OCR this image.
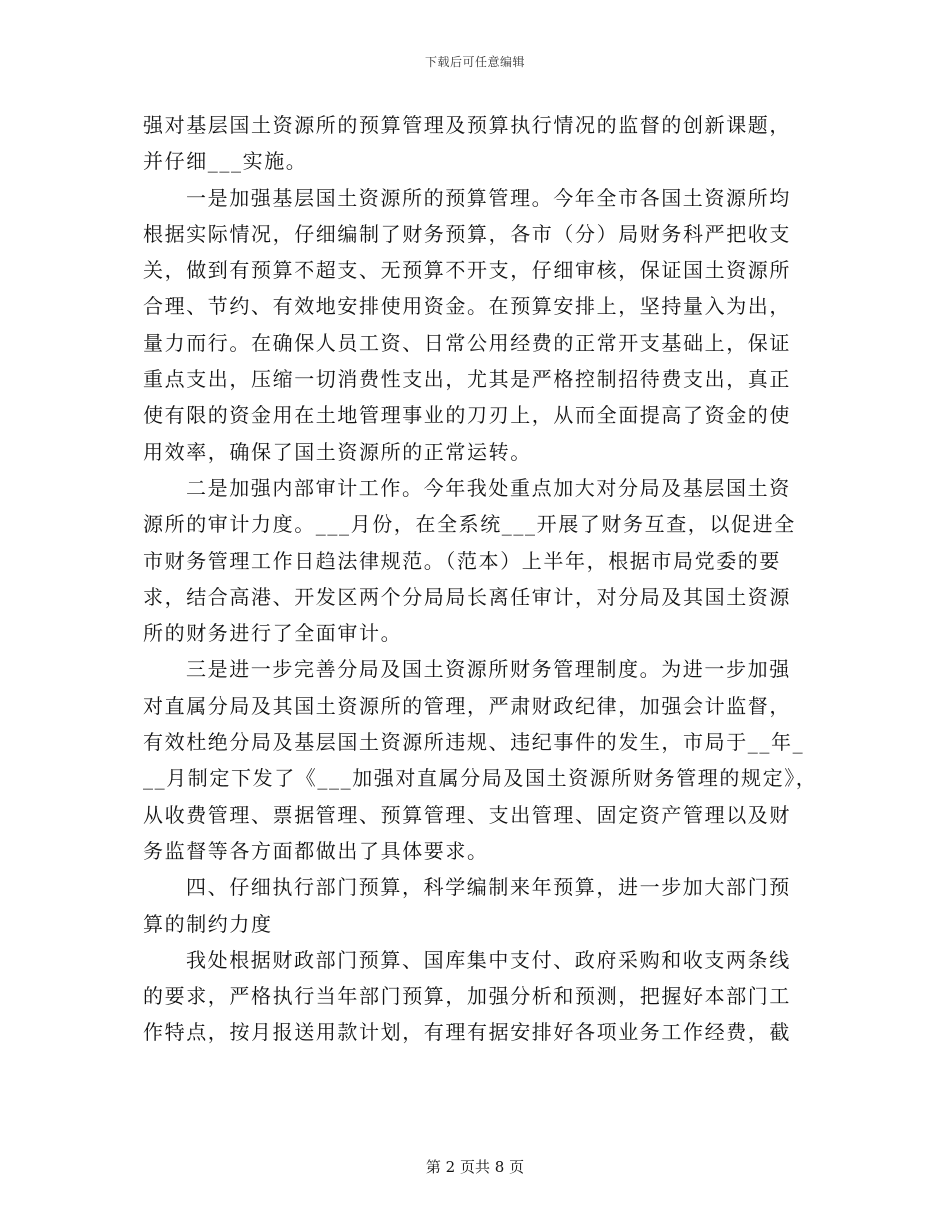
下载后可任意编辑
强对基层国土资源所的预算管理及预算执行情况的监督的创新课题，
并仔细___实施。
一是加强基层国土资源所的预算管理。今年全市各国土资源所均
根据实际情况，仔细编制了财务预算，各市（分）局财务科严把收支
关，做到有预算不超支、无预算不开支，仔细审核，保证国土资源所
合理、节约、有效地安排使用资金。在预算安排上，坚持量入为出，
量力而行。在确保人员工资、日常公用经费的正常开支基础上，保证
重点支出，压缩一切消费性支出，尤其是严格控制招待费支出，真正
使有限的资金用在土地管理事业的刀刃上，从而全面提高了资金的使
用效率，确保了国土资源所的正常运转。
二是加强内部审计工作。今年我处重点加大对分局及基层国土资
源所的审计力度。___月份，在全系统___开展了财务互查，以促进全
市财务管理工作日趋法律规范。（范本）上半年，根据市局党委的要
求，结合高港、开发区两个分局局长离任审计，对分局及其国土资源
所的财务进行了全面审计。
三是进一步完善分局及国土资源所财务管理制度。为进一步加强
对直属分局及其国土资源所的管理，严肃财政纪律，加强会计监督，
有效杜绝分局及基层国土资源所违规、违纪事件的发生，市局于__年_
__月制定下发了《___加强对直属分局及国土资源所财务管理的规定》，
从收费管理、票据管理、预算管理、支出管理、固定资产管理以及财
务监督等各方面都做出了具体要求。
四、仔细执行部门预算，科学编制来年预算，进一步加大部门预
算的制约力度
我处根据财政部门预算、国库集中支付、政府采购和收支两条线
的要求，严格执行当年部门预算，加强分析和预测，把握好本部门工
作特点，按月报送用款计划，有理有据安排好各项业务工作经费，截
第 2 页共 8 页
